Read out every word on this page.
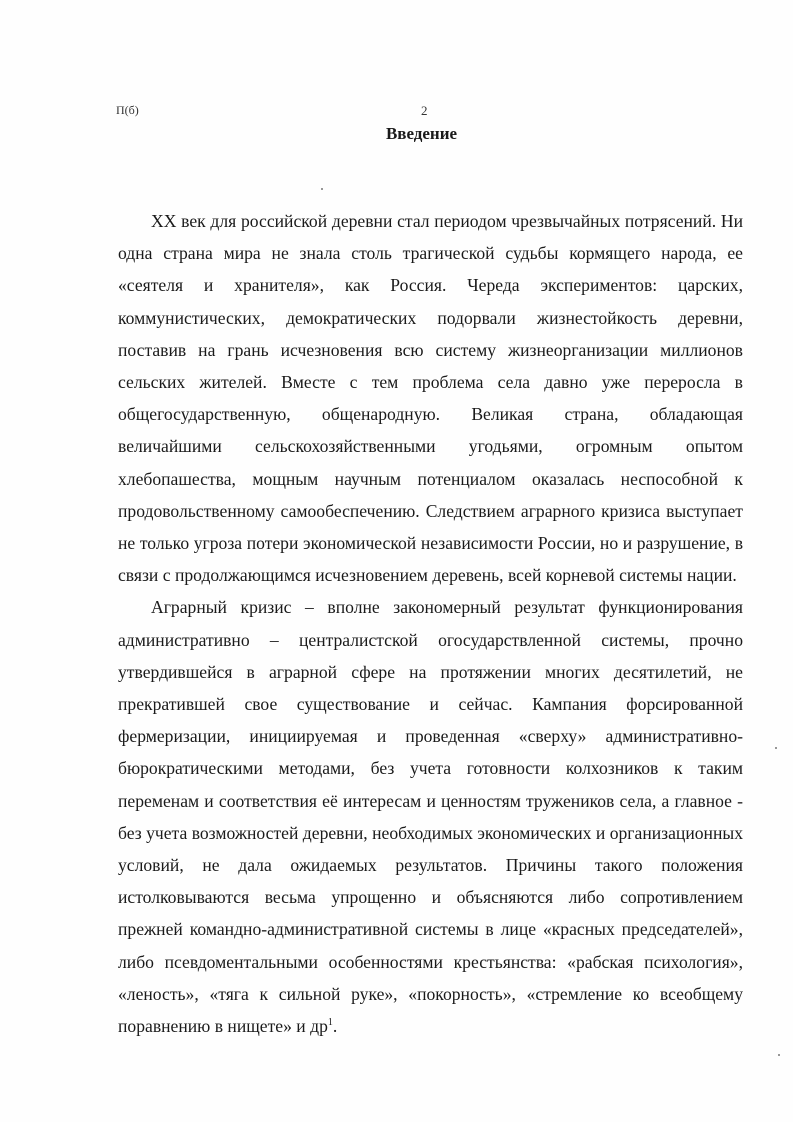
П(б)	2
Введение

XX век для российской деревни стал периодом чрезвычайных потрясений. Ни одна страна мира не знала столь трагической судьбы кормящего народа, ее «сеятеля и хранителя», как Россия. Череда экспериментов: царских, коммунистических, демократических подорвали жизнестойкость деревни, поставив на грань исчезновения всю систему жизнеорганизации миллионов сельских жителей. Вместе с тем проблема села давно уже переросла в общегосударственную, общенародную. Великая страна, обладающая величайшими сельскохозяйственными угодьями, огромным опытом хлебопашества, мощным научным потенциалом оказалась неспособной к продовольственному самообеспечению. Следствием аграрного кризиса выступает не только угроза потери экономической независимости России, но и разрушение, в связи с продолжающимся исчезновением деревень, всей корневой системы нации.

Аграрный кризис – вполне закономерный результат функционирования административно – централистской огосударствленной системы, прочно утвердившейся в аграрной сфере на протяжении многих десятилетий, не прекратившей свое существование и сейчас. Кампания форсированной фермеризации, инициируемая и проведенная «сверху» административно-бюрократическими методами, без учета готовности колхозников к таким переменам и соответствия её интересам и ценностям тружеников села, а главное - без учета возможностей деревни, необходимых экономических и организационных условий, не дала ожидаемых результатов. Причины такого положения истолковываются весьма упрощенно и объясняются либо сопротивлением прежней командно-административной системы в лице «красных председателей», либо псевдоментальными особенностями крестьянства: «рабская психология», «леность», «тяга к сильной руке», «покорность», «стремление ко всеобщему поравнению в нищете» и $др^1$.
